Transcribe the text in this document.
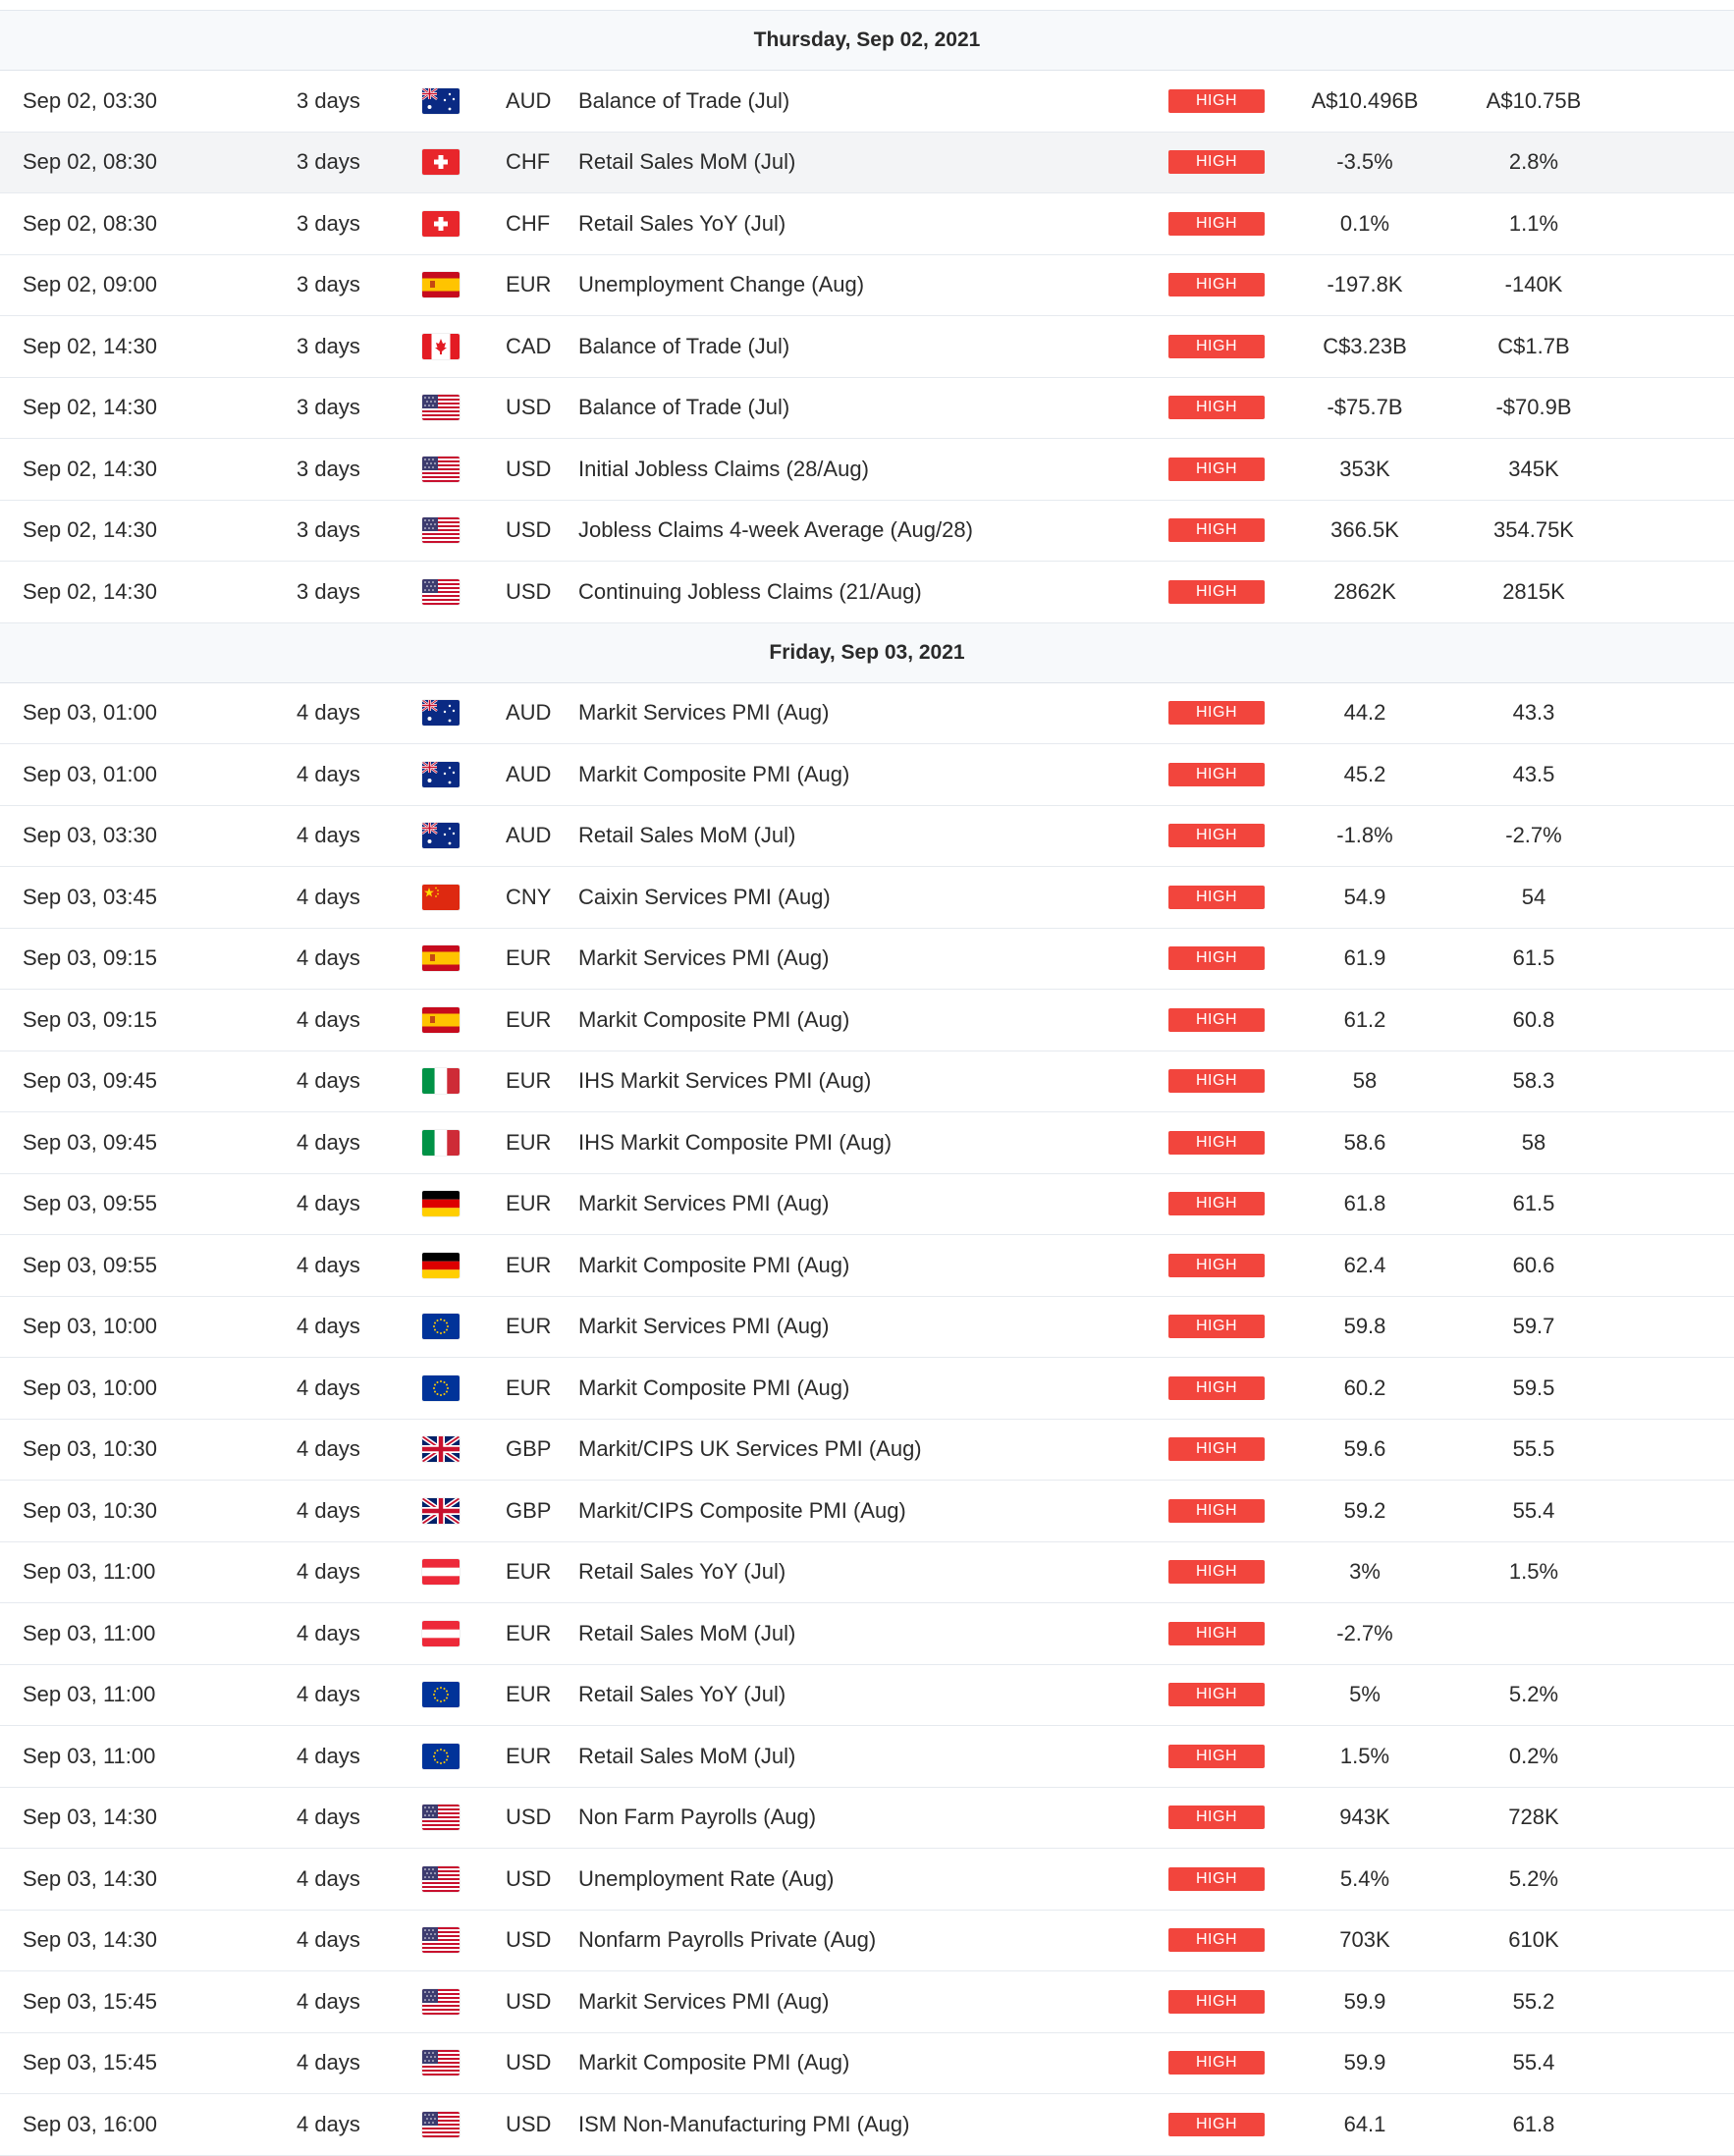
Thursday, Sep 02, 2021
Sep 02, 03:30	3 days	AUD Balance of Trade (Jul)	HIGH	A$10.496B	A$10.75B
Sep 02, 08:30	3 days	CHF Retail Sales MoM (Jul)	HIGH	-3.5%	2.8%
Sep 02, 08:30	3 days	CHF Retail Sales YoY (Jul)	HIGH	0.1%	1.1%
Sep 02, 09:00	3 days	EUR Unemployment Change (Aug)	HIGH	-197.8K	-140K
Sep 02, 14:30	3 days	CAD Balance of Trade (Jul)	HIGH	C$3.23B	C$1.7B
Sep 02, 14:30	3 days	USD Balance of Trade (Jul)	HIGH	-$75.7B	-$70.9B
Sep 02, 14:30	3 days	USD Initial Jobless Claims (28/Aug)	HIGH	353K	345K
Sep 02, 14:30	3 days	USD Jobless Claims 4-week Average (Aug/28)	HIGH	366.5K	354.75K
Sep 02, 14:30	3 days	USD Continuing Jobless Claims (21/Aug)	HIGH	2862K	2815K
Friday, Sep 03, 2021
Sep 03, 01:00	4 days	AUD Markit Services PMI (Aug)	HIGH	44.2	43.3
Sep 03, 01:00	4 days	AUD Markit Composite PMI (Aug)	HIGH	45.2	43.5
Sep 03, 03:30	4 days	AUD Retail Sales MoM (Jul)	HIGH	-1.8%	-2.7%
Sep 03, 03:45	4 days	CNY Caixin Services PMI (Aug)	HIGH	54.9	54
Sep 03, 09:15	4 days	EUR Markit Services PMI (Aug)	HIGH	61.9	61.5
Sep 03, 09:15	4 days	EUR Markit Composite PMI (Aug)	HIGH	61.2	60.8
Sep 03, 09:45	4 days	EUR IHS Markit Services PMI (Aug)	HIGH	58	58.3
Sep 03, 09:45	4 days	EUR IHS Markit Composite PMI (Aug)	HIGH	58.6	58
Sep 03, 09:55	4 days	EUR Markit Services PMI (Aug)	HIGH	61.8	61.5
Sep 03, 09:55	4 days	EUR Markit Composite PMI (Aug)	HIGH	62.4	60.6
Sep 03, 10:00	4 days	EUR Markit Services PMI (Aug)	HIGH	59.8	59.7
Sep 03, 10:00	4 days	EUR Markit Composite PMI (Aug)	HIGH	60.2	59.5
Sep 03, 10:30	4 days	GBP Markit/CIPS UK Services PMI (Aug)	HIGH	59.6	55.5
Sep 03, 10:30	4 days	GBP Markit/CIPS Composite PMI (Aug)	HIGH	59.2	55.4
Sep 03, 11:00	4 days	EUR Retail Sales YoY (Jul)	HIGH	3%	1.5%
Sep 03, 11:00	4 days	EUR Retail Sales MoM (Jul)	HIGH	-2.7%
Sep 03, 11:00	4 days	EUR Retail Sales YoY (Jul)	HIGH	5%	5.2%
Sep 03, 11:00	4 days	EUR Retail Sales MoM (Jul)	HIGH	1.5%	0.2%
Sep 03, 14:30	4 days	USD Non Farm Payrolls (Aug)	HIGH	943K	728K
Sep 03, 14:30	4 days	USD Unemployment Rate (Aug)	HIGH	5.4%	5.2%
Sep 03, 14:30	4 days	USD Nonfarm Payrolls Private (Aug)	HIGH	703K	610K
Sep 03, 15:45	4 days	USD Markit Services PMI (Aug)	HIGH	59.9	55.2
Sep 03, 15:45	4 days	USD Markit Composite PMI (Aug)	HIGH	59.9	55.4
Sep 03, 16:00	4 days	USD ISM Non-Manufacturing PMI (Aug)	HIGH	64.1	61.8
